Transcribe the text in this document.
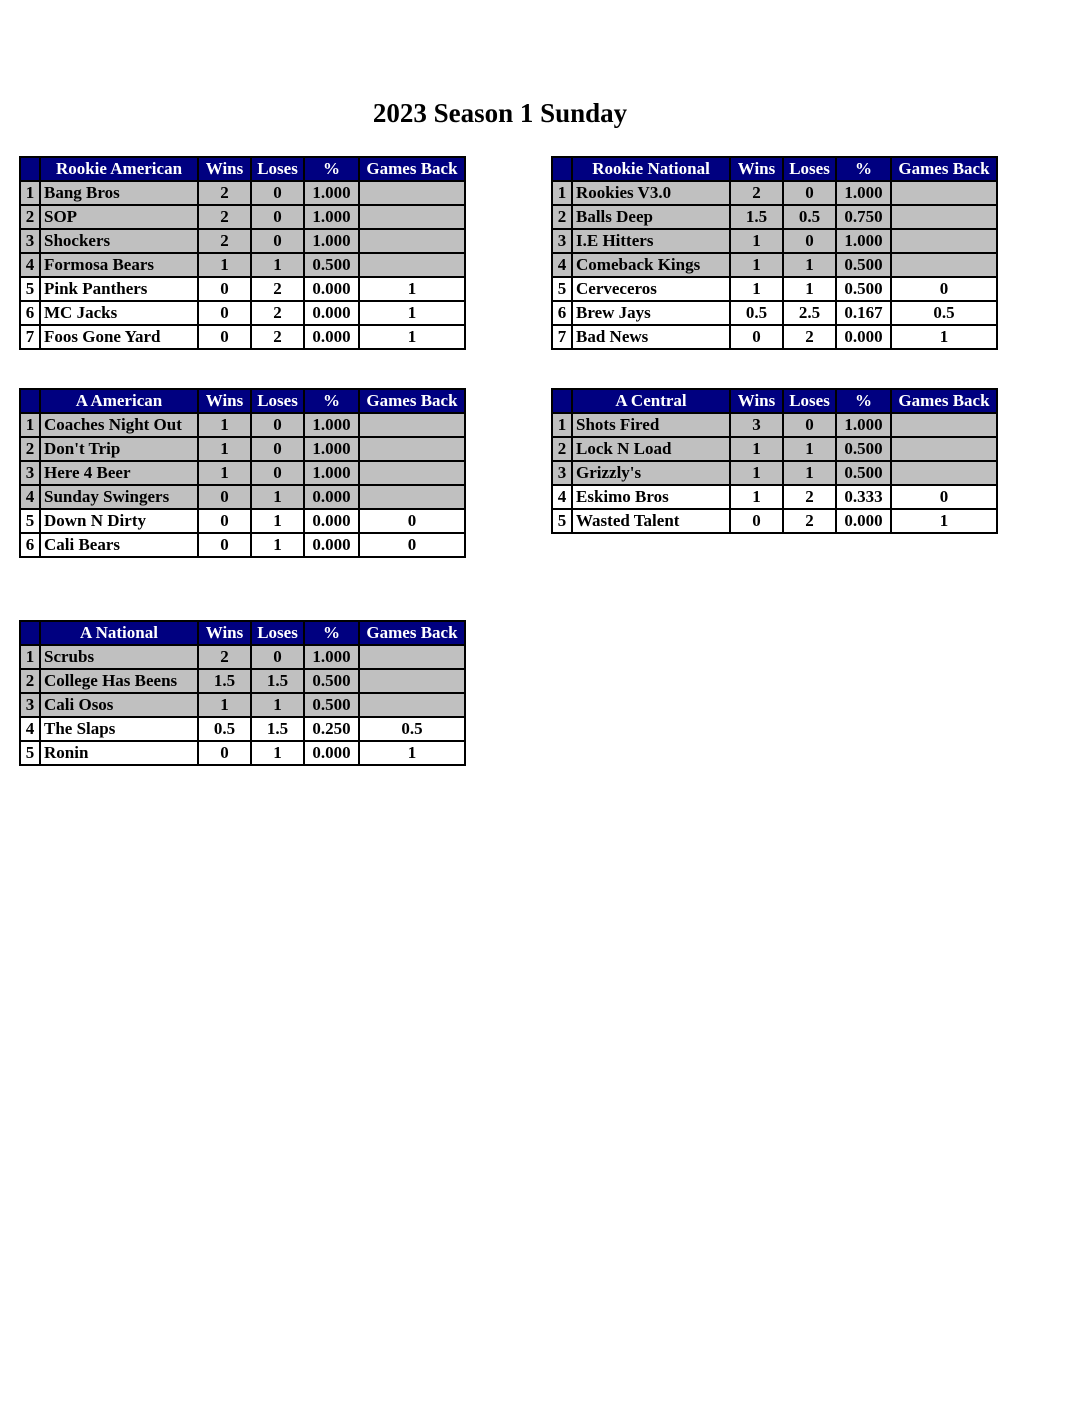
2023 Season 1 Sunday
	Rookie American	Wins	Loses	%	Games Back
1	Bang Bros	2	0	1.000	
2	SOP	2	0	1.000	
3	Shockers	2	0	1.000	
4	Formosa Bears	1	1	0.500	
5	Pink Panthers	0	2	0.000	1
6	MC Jacks	0	2	0.000	1
7	Foos Gone Yard	0	2	0.000	1
	Rookie National	Wins	Loses	%	Games Back
1	Rookies V3.0	2	0	1.000	
2	Balls Deep	1.5	0.5	0.750	
3	I.E Hitters	1	0	1.000	
4	Comeback Kings	1	1	0.500	
5	Cerveceros	1	1	0.500	0
6	Brew Jays	0.5	2.5	0.167	0.5
7	Bad News	0	2	0.000	1
	A American	Wins	Loses	%	Games Back
1	Coaches Night Out	1	0	1.000	
2	Don't Trip	1	0	1.000	
3	Here 4 Beer	1	0	1.000	
4	Sunday Swingers	0	1	0.000	
5	Down N Dirty	0	1	0.000	0
6	Cali Bears	0	1	0.000	0
	A Central	Wins	Loses	%	Games Back
1	Shots Fired	3	0	1.000	
2	Lock N Load	1	1	0.500	
3	Grizzly's	1	1	0.500	
4	Eskimo Bros	1	2	0.333	0
5	Wasted Talent	0	2	0.000	1
	A National	Wins	Loses	%	Games Back
1	Scrubs	2	0	1.000	
2	College Has Beens	1.5	1.5	0.500	
3	Cali Osos	1	1	0.500	
4	The Slaps	0.5	1.5	0.250	0.5
5	Ronin	0	1	0.000	1
